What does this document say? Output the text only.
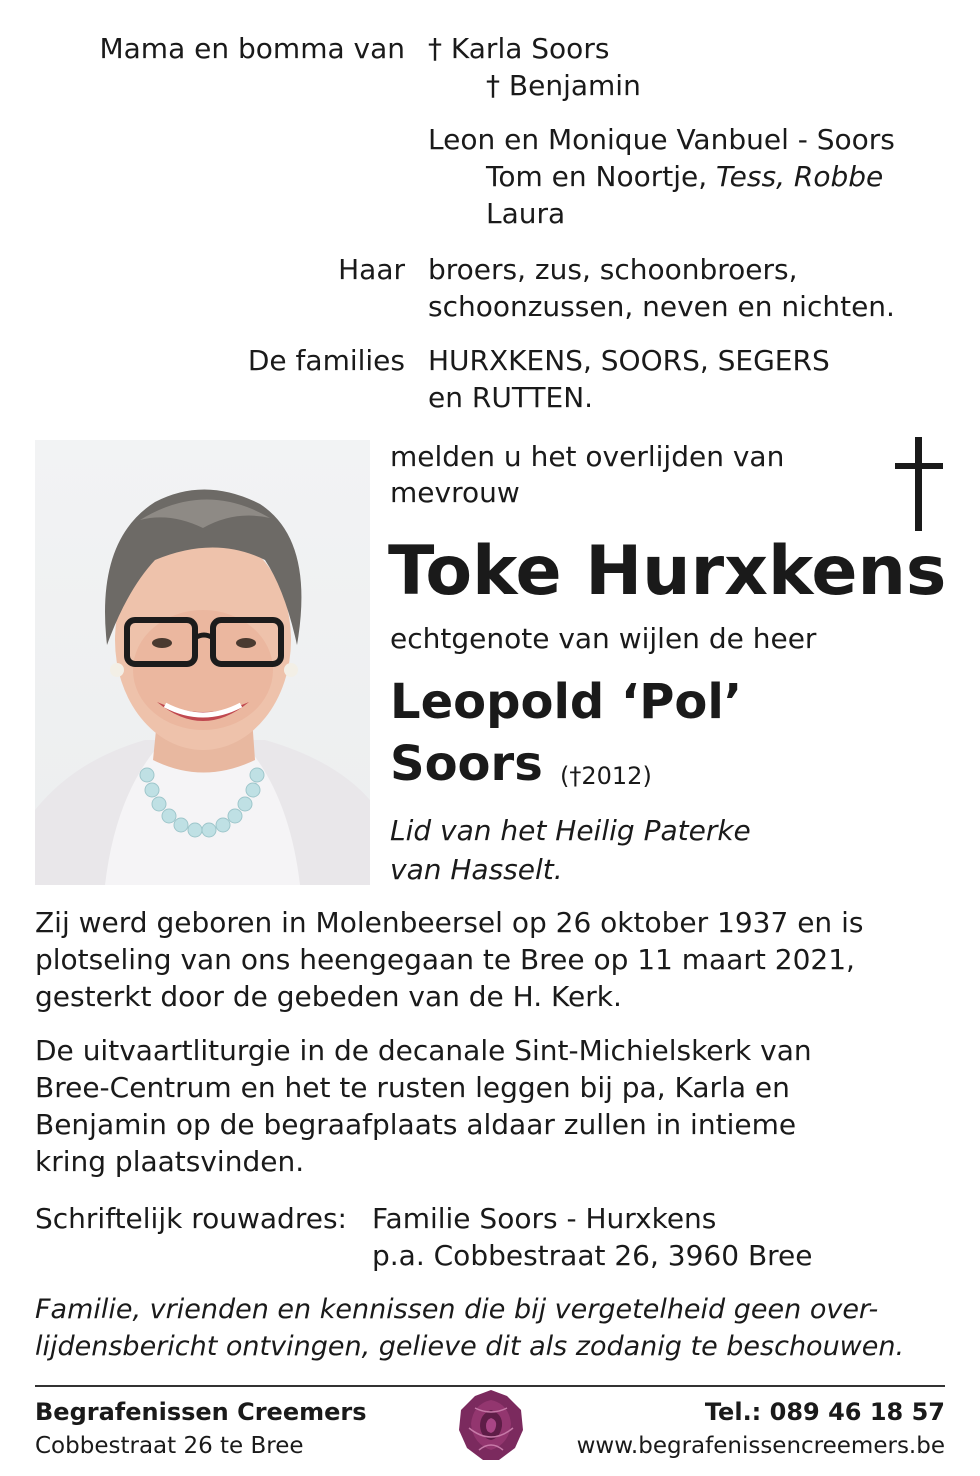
Mama en bomma van † Karla Soors
† Benjamin
Leon en Monique Vanbuel - Soors
Tom en Noortje, Tess, Robbe
Laura
Haar broers, zus, schoonbroers,
schoonzussen, neven en nichten.
De families HURXKENS, SOORS, SEGERS
en RUTTEN.
melden u het overlijden van
mevrouw
Toke Hurxkens
echtgenote van wijlen de heer
Leopold ‘Pol’
Soors (†2012)
Lid van het Heilig Paterke
van Hasselt.
Zij werd geboren in Molenbeersel op 26 oktober 1937 en is
plotseling van ons heengegaan te Bree op 11 maart 2021,
gesterkt door de gebeden van de H. Kerk.
De uitvaartliturgie in de decanale Sint-Michielskerk van
Bree-Centrum en het te rusten leggen bij pa, Karla en
Benjamin op de begraafplaats aldaar zullen in intieme
kring plaatsvinden.
Schriftelijk rouwadres: Familie Soors - Hurxkens
p.a. Cobbestraat 26, 3960 Bree
Familie, vrienden en kennissen die bij vergetelheid geen over-
lijdensbericht ontvingen, gelieve dit als zodanig te beschouwen.
Begrafenissen Creemers
Cobbestraat 26 te Bree
Tel.: 089 46 18 57
www.begrafenissencreemers.be
